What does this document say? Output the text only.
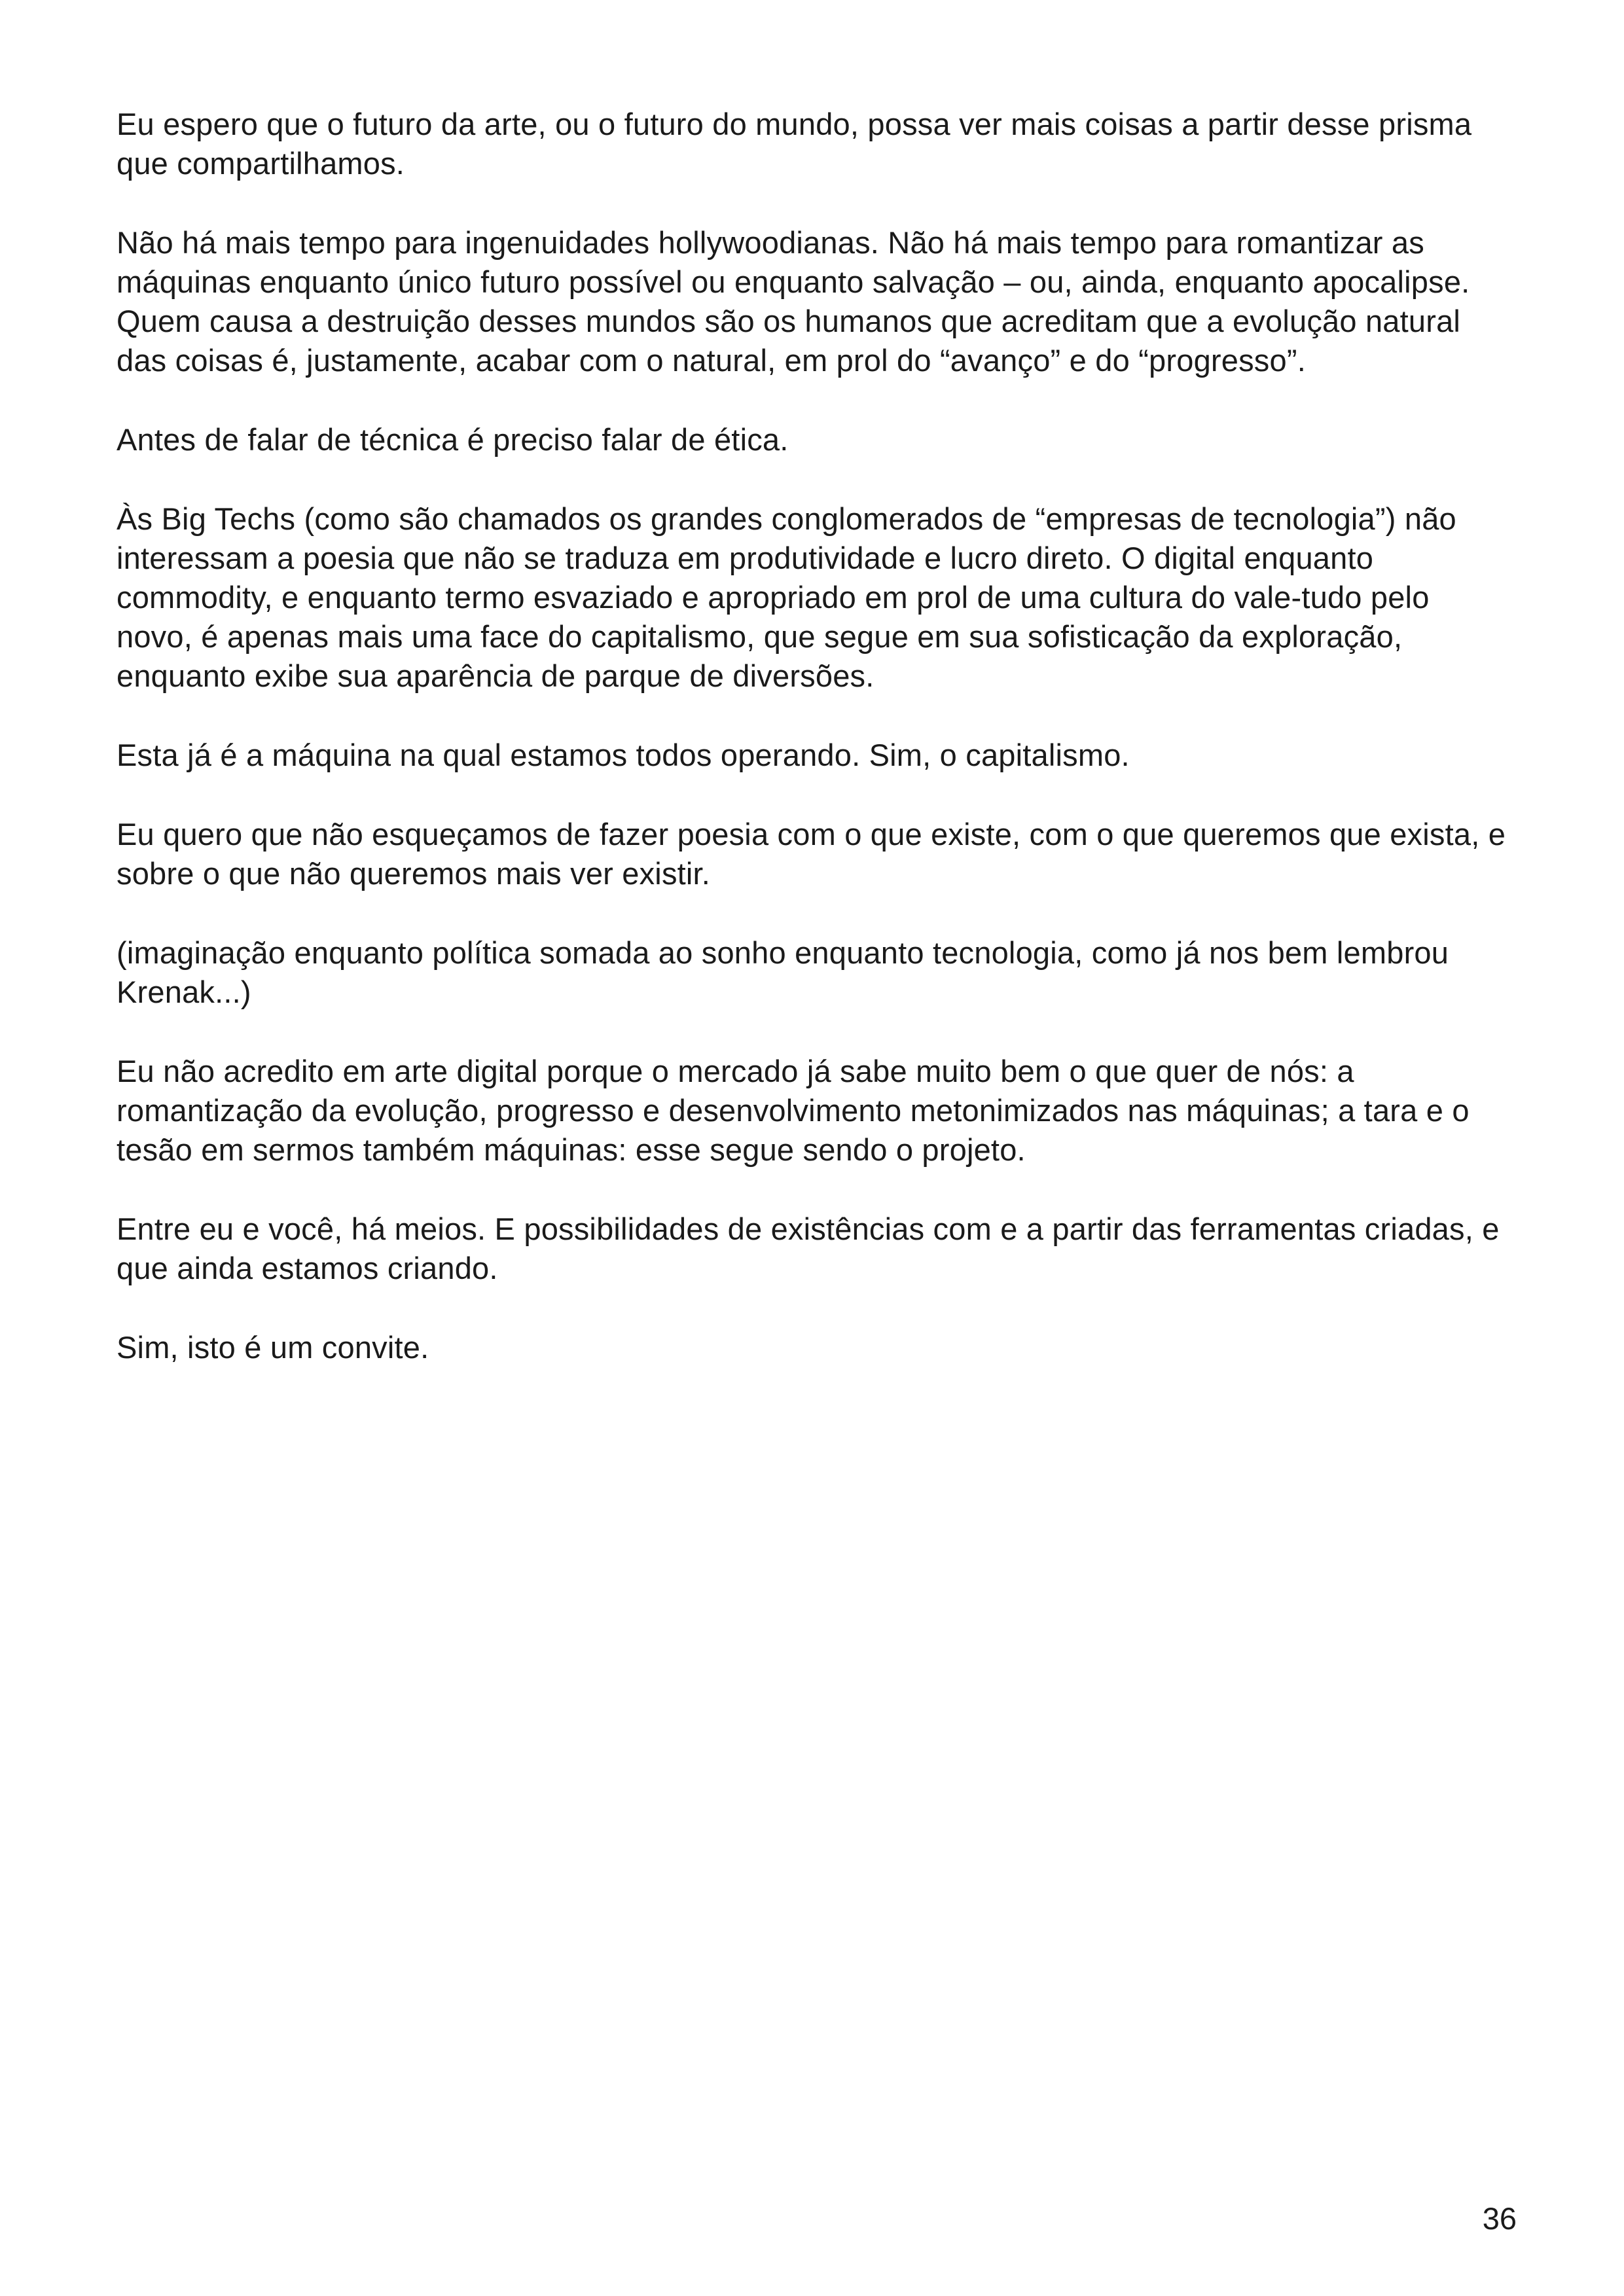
Eu espero que o futuro da arte, ou o futuro do mundo, possa ver mais coisas a partir desse prisma que compartilhamos.

Não há mais tempo para ingenuidades hollywoodianas. Não há mais tempo para romantizar as máquinas enquanto único futuro possível ou enquanto salvação – ou, ainda, enquanto apocalipse. Quem causa a destruição desses mundos são os humanos que acreditam que a evolução natural das coisas é, justamente, acabar com o natural, em prol do “avanço” e do “progresso”.

Antes de falar de técnica é preciso falar de ética.

Às Big Techs (como são chamados os grandes conglomerados de “empresas de tecnologia”) não interessam a poesia que não se traduza em produtividade e lucro direto. O digital enquanto commodity, e enquanto termo esvaziado e apropriado em prol de uma cultura do vale-tudo pelo novo, é apenas mais uma face do capitalismo, que segue em sua sofisticação da exploração, enquanto exibe sua aparência de parque de diversões.

Esta já é a máquina na qual estamos todos operando. Sim, o capitalismo.

Eu quero que não esqueçamos de fazer poesia com o que existe, com o que queremos que exista, e sobre o que não queremos mais ver existir.

(imaginação enquanto política somada ao sonho enquanto tecnologia, como já nos bem lembrou Krenak...)

Eu não acredito em arte digital porque o mercado já sabe muito bem o que quer de nós: a romantização da evolução, progresso e desenvolvimento metonimizados nas máquinas; a tara e o tesão em sermos também máquinas: esse segue sendo o projeto.

Entre eu e você, há meios. E possibilidades de existências com e a partir das ferramentas criadas, e que ainda estamos criando.

Sim, isto é um convite.

36
